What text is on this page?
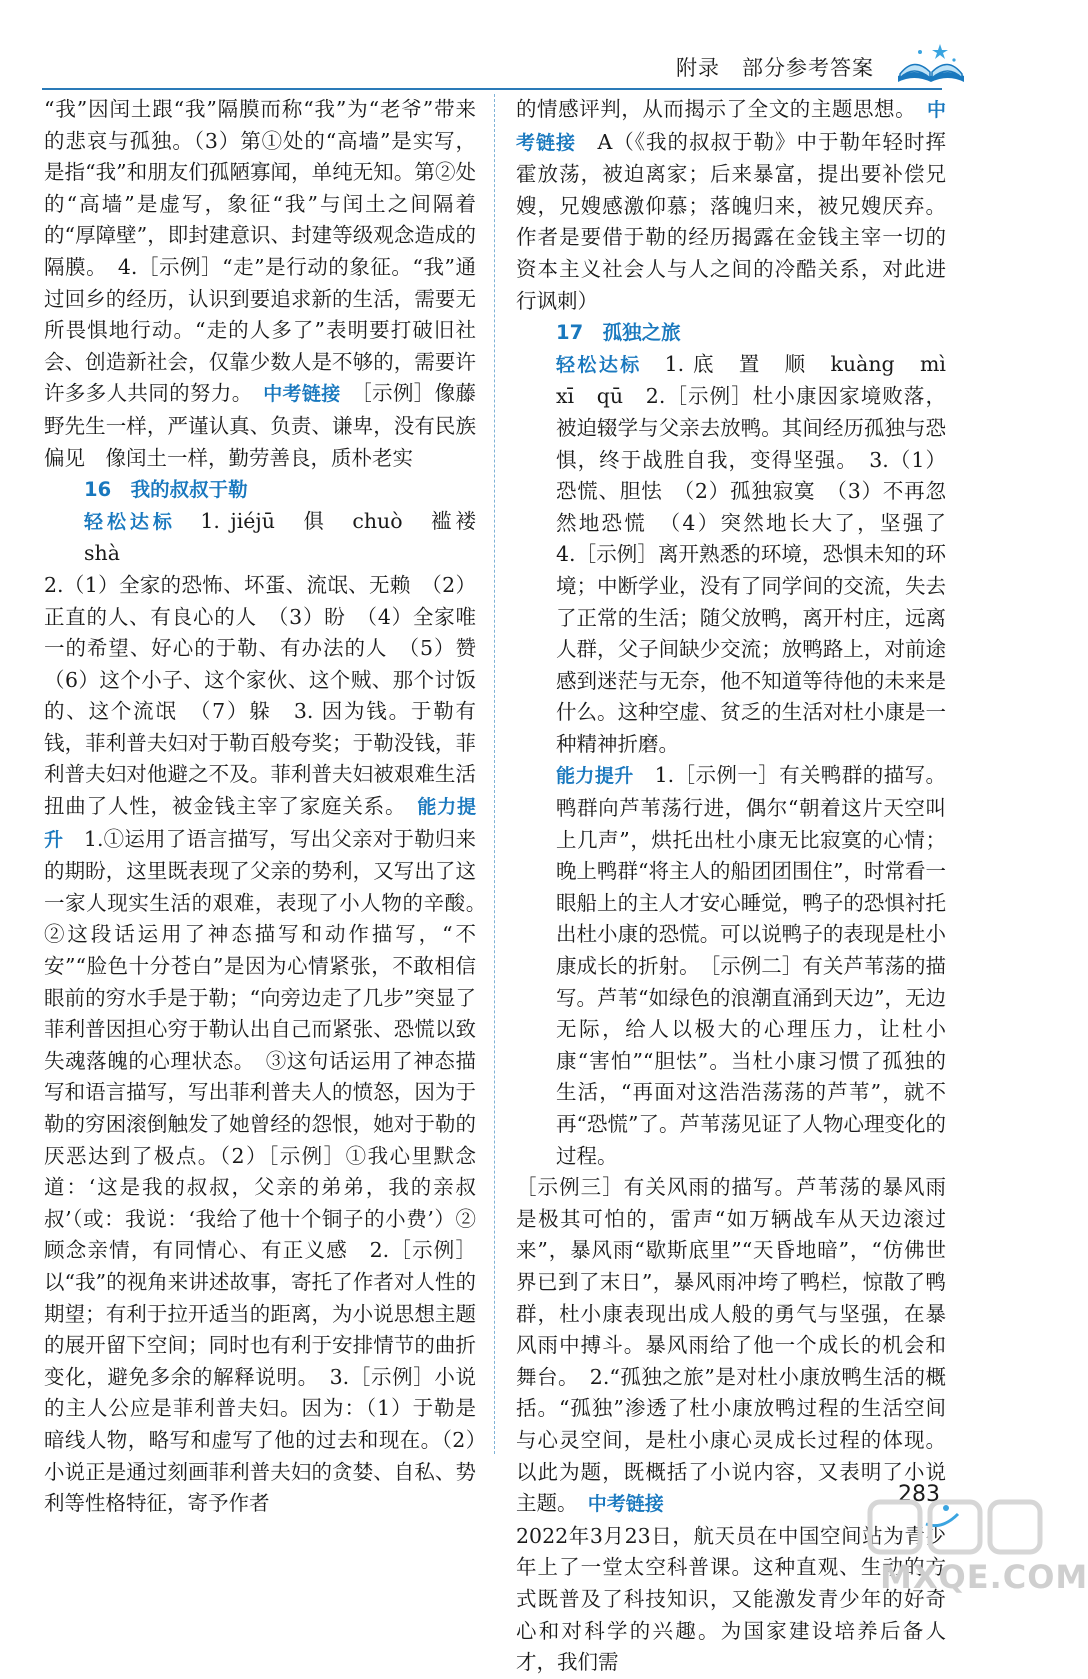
附录　部分参考答案

“我”因闰土跟“我”隔膜而称“我”为“老爷”带来的悲哀与孤独。（3）第①处的“高墙”是实写，是指“我”和朋友们孤陋寡闻，单纯无知。第②处的“高墙”是虚写，象征“我”与闰土之间隔着的“厚障壁”，即封建意识、封建等级观念造成的隔膜。　4.［示例］“走”是行动的象征。“我”通过回乡的经历，认识到要追求新的生活，需要无所畏惧地行动。“走的人多了”表明要打破旧社会、创造新社会，仅靠少数人是不够的，需要许许多多人共同的努力。　 中考链接　 ［示例］像藤野先生一样，严谨认真、负责、谦卑，没有民族偏见　像闰土一样，勤劳善良，质朴老实

16　我的叔叔于勒

轻松达标　 1. jiéjū　俱　chuò　褴褛　shà

2.（1）全家的恐怖、坏蛋、流氓、无赖　（2）正直的人、有良心的人　（3）盼　（4）全家唯一的希望、好心的于勒、有办法的人　（5）赞　（6）这个小子、这个家伙、这个贼、那个讨饭的、这个流氓　（7）躲　3. 因为钱。于勒有钱，菲利普夫妇对于勒百般夸奖；于勒没钱，菲利普夫妇对他避之不及。菲利普夫妇被艰难生活扭曲了人性，被金钱主宰了家庭关系。　 能力提升　 1.①运用了语言描写，写出父亲对于勒归来的期盼，这里既表现了父亲的势利，又写出了这一家人现实生活的艰难，表现了小人物的辛酸。　②这段话运用了神态描写和动作描写，“不安”“脸色十分苍白”是因为心情紧张，不敢相信眼前的穷水手是于勒；“向旁边走了几步”突显了菲利普因担心穷于勒认出自己而紧张、恐慌以致失魂落魄的心理状态。　③这句话运用了神态描写和语言描写，写出菲利普夫人的愤怒，因为于勒的穷困滚倒触发了她曾经的怨恨，她对于勒的厌恶达到了极点。（2）［示例］①我心里默念道：‘这是我的叔叔，父亲的弟弟，我的亲叔叔’（或：我说：‘我给了他十个铜子的小费’）②顾念亲情，有同情心、有正义感　2.［示例］以“我”的视角来讲述故事，寄托了作者对人性的期望；有利于拉开适当的距离，为小说思想主题的展开留下空间；同时也有利于安排情节的曲折变化，避免多余的解释说明。　3.［示例］小说的主人公应是菲利普夫妇。因为：（1）于勒是暗线人物，略写和虚写了他的过去和现在。（2）小说正是通过刻画菲利普夫妇的贪婪、自私、势利等性格特征，寄予作者

的情感评判，从而揭示了全文的主题思想。　 中考链接　 A（《我的叔叔于勒》中于勒年轻时挥霍放荡，被迫离家；后来暴富，提出要补偿兄嫂，兄嫂感激仰慕；落魄归来，被兄嫂厌弃。作者是要借于勒的经历揭露在金钱主宰一切的资本主义社会人与人之间的冷酷关系，对此进行讽刺）

17　孤独之旅

轻松达标　 1. 底　置　顺　kuàng　mì　xī　qū　2.［示例］杜小康因家境败落，被迫辍学与父亲去放鸭。其间经历孤独与恐惧，终于战胜自我，变得坚强。　3.（1）恐慌、胆怯　（2）孤独寂寞　（3）不再忽然地恐慌　（4）突然地长大了，坚强了　4.［示例］离开熟悉的环境，恐惧未知的环境；中断学业，没有了同学间的交流，失去了正常的生活；随父放鸭，离开村庄，远离人群，父子间缺少交流；放鸭路上，对前途感到迷茫与无奈，他不知道等待他的未来是什么。这种空虚、贫乏的生活对杜小康是一种精神折磨。

能力提升　 1.［示例一］有关鸭群的描写。鸭群向芦苇荡行进，偶尔“朝着这片天空叫上几声”，烘托出杜小康无比寂寞的心情；晚上鸭群“将主人的船团团围住”，时常看一眼船上的主人才安心睡觉，鸭子的恐惧衬托出杜小康的恐慌。可以说鸭子的表现是杜小康成长的折射。　［示例二］有关芦苇荡的描写。芦苇“如绿色的浪潮直涌到天边”，无边无际，给人以极大的心理压力，让杜小康“害怕”“胆怯”。当杜小康习惯了孤独的生活，“再面对这浩浩荡荡的芦苇”，就不再“恐慌”了。芦苇荡见证了人物心理变化的过程。

［示例三］有关风雨的描写。芦苇荡的暴风雨是极其可怕的，雷声“如万辆战车从天边滚过来”，暴风雨“歇斯底里”“天昏地暗”，“仿佛世界已到了末日”，暴风雨冲垮了鸭栏，惊散了鸭群，杜小康表现出成人般的勇气与坚强，在暴风雨中搏斗。暴风雨给了他一个成长的机会和舞台。　2.“孤独之旅”是对杜小康放鸭生活的概括。“孤独”渗透了杜小康放鸭过程的生活空间与心灵空间，是杜小康心灵成长过程的体现。以此为题，既概括了小说内容，又表明了小说主题。　 中考链接

2022年3月23日，航天员在中国空间站为青少年上了一堂太空科普课。这种直观、生动的方式既普及了科技知识，又能激发青少年的好奇心和对科学的兴趣。为国家建设培养后备人才，我们需

283
MXQE.COM
